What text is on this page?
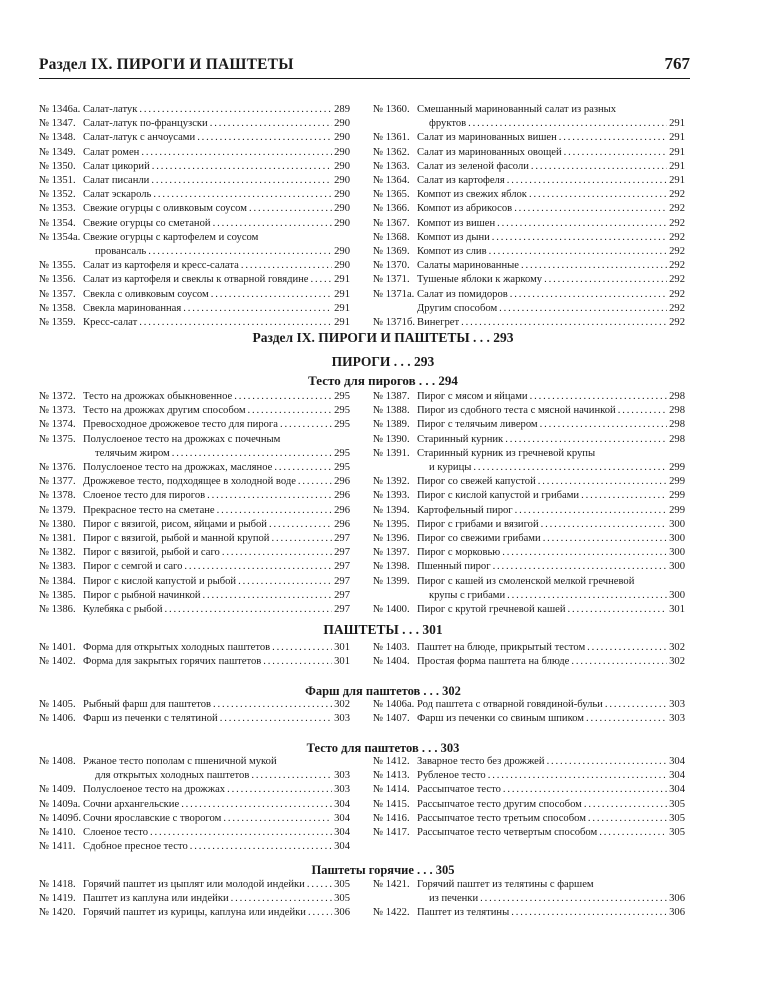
Раздел IX. ПИРОГИ И ПАШТЕТЫ	767
№ 1346а. Салат-латук . . .	289
№ 1347. Салат-латук по-французски . . .	290
№ 1348. Салат-латук с анчоусами . . .	290
№ 1349. Салат ромен . . .	290
№ 1350. Салат цикорий . . .	290
№ 1351. Салат писанли . . .	290
№ 1352. Салат эскароль . . .	290
№ 1353. Свежие огурцы с оливковым соусом . . .	290
№ 1354. Свежие огурцы со сметаной . . .	290
№ 1354а. Свежие огурцы с картофелем и соусом
провансаль . . .	290
№ 1355. Салат из картофеля и кресс-салата . . .	290
№ 1356. Салат из картофеля и свеклы к отварной говядине . . . 291
№ 1357. Свекла с оливковым соусом . . .	291
№ 1358. Свекла маринованная . . .	291
№ 1359. Кресс-салат . . .	291
№ 1360. Смешанный маринованный салат из разных
фруктов . . .	291
№ 1361. Салат из маринованных вишен . . .	291
№ 1362. Салат из маринованных овощей . . .	291
№ 1363. Салат из зеленой фасоли . . .	291
№ 1364. Салат из картофеля . . .	291
№ 1365. Компот из свежих яблок . . .	292
№ 1366. Компот из абрикосов . . .	292
№ 1367. Компот из вишен . . .	292
№ 1368. Компот из дыни . . .	292
№ 1369. Компот из слив . . .	292
№ 1370. Салаты маринованные . . .	292
№ 1371. Тушеные яблоки к жаркому . . .	292
№ 1371а. Салат из помидоров . . .	292
Другим способом . . .	292
№ 1371б. Винегрет . . .	292
Раздел IX. ПИРОГИ И ПАШТЕТЫ . . . 293
ПИРОГИ . . . 293
Тесто для пирогов . . . 294
№ 1372. Тесто на дрожжах обыкновенное . . .	295
№ 1373. Тесто на дрожжах другим способом . . .	295
№ 1374. Превосходное дрожжевое тесто для пирога . . .	295
№ 1375. Полуслоеное тесто на дрожжах с почечным
телячьим жиром . . .	295
№ 1376. Полуслоеное тесто на дрожжах, масляное . . .	295
№ 1377. Дрожжевое тесто, подходящее в холодной воде . . .	296
№ 1378. Слоеное тесто для пирогов . . .	296
№ 1379. Прекрасное тесто на сметане . . .	296
№ 1380. Пирог с вязигой, рисом, яйцами и рыбой . . .	296
№ 1381. Пирог с вязигой, рыбой и манной крупой . . .	297
№ 1382. Пирог с вязигой, рыбой и саго . . .	297
№ 1383. Пирог с семгой и саго . . .	297
№ 1384. Пирог с кислой капустой и рыбой . . .	297
№ 1385. Пирог с рыбной начинкой . . .	297
№ 1386. Кулебяка с рыбой . . .	297
№ 1387. Пирог с мясом и яйцами . . .	298
№ 1388. Пирог из сдобного теста с мясной начинкой . . .	298
№ 1389. Пирог с телячьим ливером . . .	298
№ 1390. Старинный курник . . .	298
№ 1391. Старинный курник из гречневой крупы
и курицы . . .	299
№ 1392. Пирог со свежей капустой . . .	299
№ 1393. Пирог с кислой капустой и грибами . . .	299
№ 1394. Картофельный пирог . . .	299
№ 1395. Пирог с грибами и вязигой . . .	300
№ 1396. Пирог со свежими грибами . . .	300
№ 1397. Пирог с морковью . . .	300
№ 1398. Пшенный пирог . . .	300
№ 1399. Пирог с кашей из смоленской мелкой гречневой
крупы с грибами . . .	300
№ 1400. Пирог с крутой гречневой кашей . . .	301
ПАШТЕТЫ . . . 301
№ 1401. Форма для открытых холодных паштетов . . .	301
№ 1402. Форма для закрытых горячих паштетов . . .	301
№ 1403. Паштет на блюде, прикрытый тестом . . .	302
№ 1404. Простая форма паштета на блюде . . .	302
Фарш для паштетов . . . 302
№ 1405. Рыбный фарш для паштетов . . .	302
№ 1406. Фарш из печенки с телятиной . . .	303
№ 1406а. Род паштета с отварной говядиной-бульи . . .	303
№ 1407. Фарш из печенки со свиным шпиком . . .	303
Тесто для паштетов . . . 303
№ 1408. Ржаное тесто пополам с пшеничной мукой
для открытых холодных паштетов . . .	303
№ 1409. Полуслоеное тесто на дрожжах . . .	303
№ 1409а. Сочни архангельские . . .	304
№ 1409б. Сочни ярославские с творогом . . .	304
№ 1410. Слоеное тесто . . .	304
№ 1411. Сдобное пресное тесто . . .	304
№ 1412. Заварное тесто без дрожжей . . .	304
№ 1413. Рубленое тесто . . .	304
№ 1414. Рассыпчатое тесто . . .	304
№ 1415. Рассыпчатое тесто другим способом . . .	305
№ 1416. Рассыпчатое тесто третьим способом . . .	305
№ 1417. Рассыпчатое тесто четвертым способом . . .	305
Паштеты горячие . . . 305
№ 1418. Горячий паштет из цыплят или молодой индейки . . .	305
№ 1419. Паштет из каплуна или индейки . . .	305
№ 1420. Горячий паштет из курицы, каплуна или индейки . . .	306
№ 1421. Горячий паштет из телятины с фаршем
из печенки . . .	306
№ 1422. Паштет из телятины . . .	306
